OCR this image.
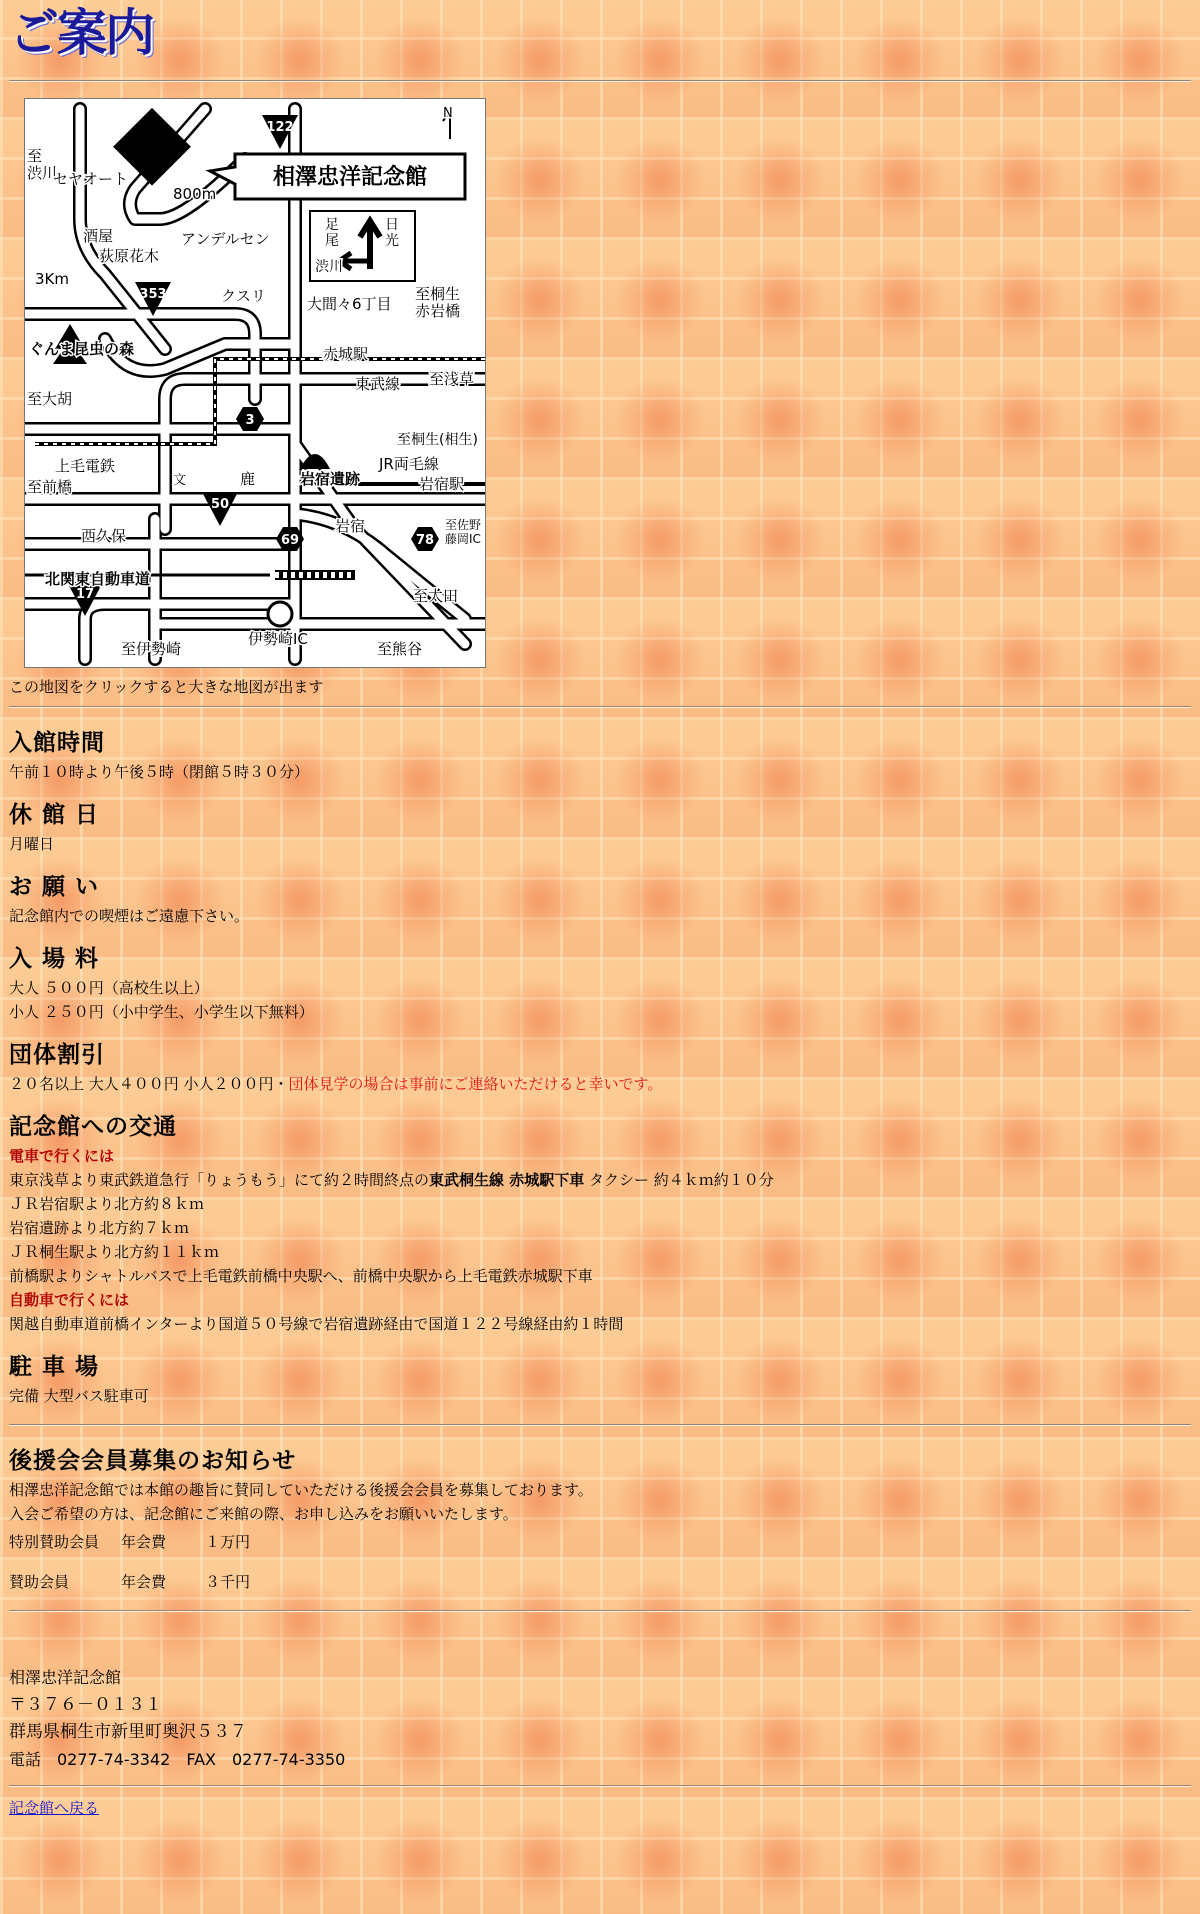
ご案内
相澤忠洋記念館
122
353
3
50
69	78
17
至渋川
セヤオート
800m
酒屋
荻原花木
アンデルセン
クスリ
3Km
大間々6丁目
至桐生赤岩橋
ぐんま昆虫の森	赤城駅
至浅草
東武線
至大胡
至桐生(相生)
上毛電鉄
岩宿遺跡
JR両毛線
岩宿駅
至前橋	文	鹿
西久保
岩宿	至佐野藤岡IC
北関東自動車道
至太田
至伊勢崎
伊勢崎IC
至熊谷
N
足尾
日光
渋川

この地図をクリックすると大きな地図が出ます

入館時間

午前１０時より午後５時（閉館５時３０分）

休 館 日

月曜日

お 願 い

記念館内での喫煙はご遠慮下さい。

入 場 料

大人 ５００円（高校生以上）

小人 ２５０円（小中学生、小学生以下無料）

団体割引

２０名以上 大人４００円 小人２００円・団体見学の場合は事前にご連絡いただけると幸いです。

記念館への交通

電車で行くには

東京浅草より東武鉄道急行「りょうもう」にて約２時間終点の東武桐生線 赤城駅下車 タクシー 約４ｋｍ約１０分

ＪＲ岩宿駅より北方約８ｋｍ

岩宿遺跡より北方約７ｋｍ

ＪＲ桐生駅より北方約１１ｋｍ

前橋駅よりシャトルバスで上毛電鉄前橋中央駅へ、前橋中央駅から上毛電鉄赤城駅下車

自動車で行くには

関越自動車道前橋インターより国道５０号線で岩宿遺跡経由で国道１２２号線経由約１時間

駐 車 場

完備 大型バス駐車可

後援会会員募集のお知らせ

相澤忠洋記念館では本館の趣旨に賛同していただける後援会会員を募集しております。

入会ご希望の方は、記念館にご来館の際、お申し込みをお願いいたします。

特別賛助会員	年会費	１万円
賛助会員	年会費	３千円

相澤忠洋記念館

〒３７６－０１３１

群馬県桐生市新里町奥沢５３７

電話　0277-74-3342　FAX　0277-74-3350

記念館へ戻る
